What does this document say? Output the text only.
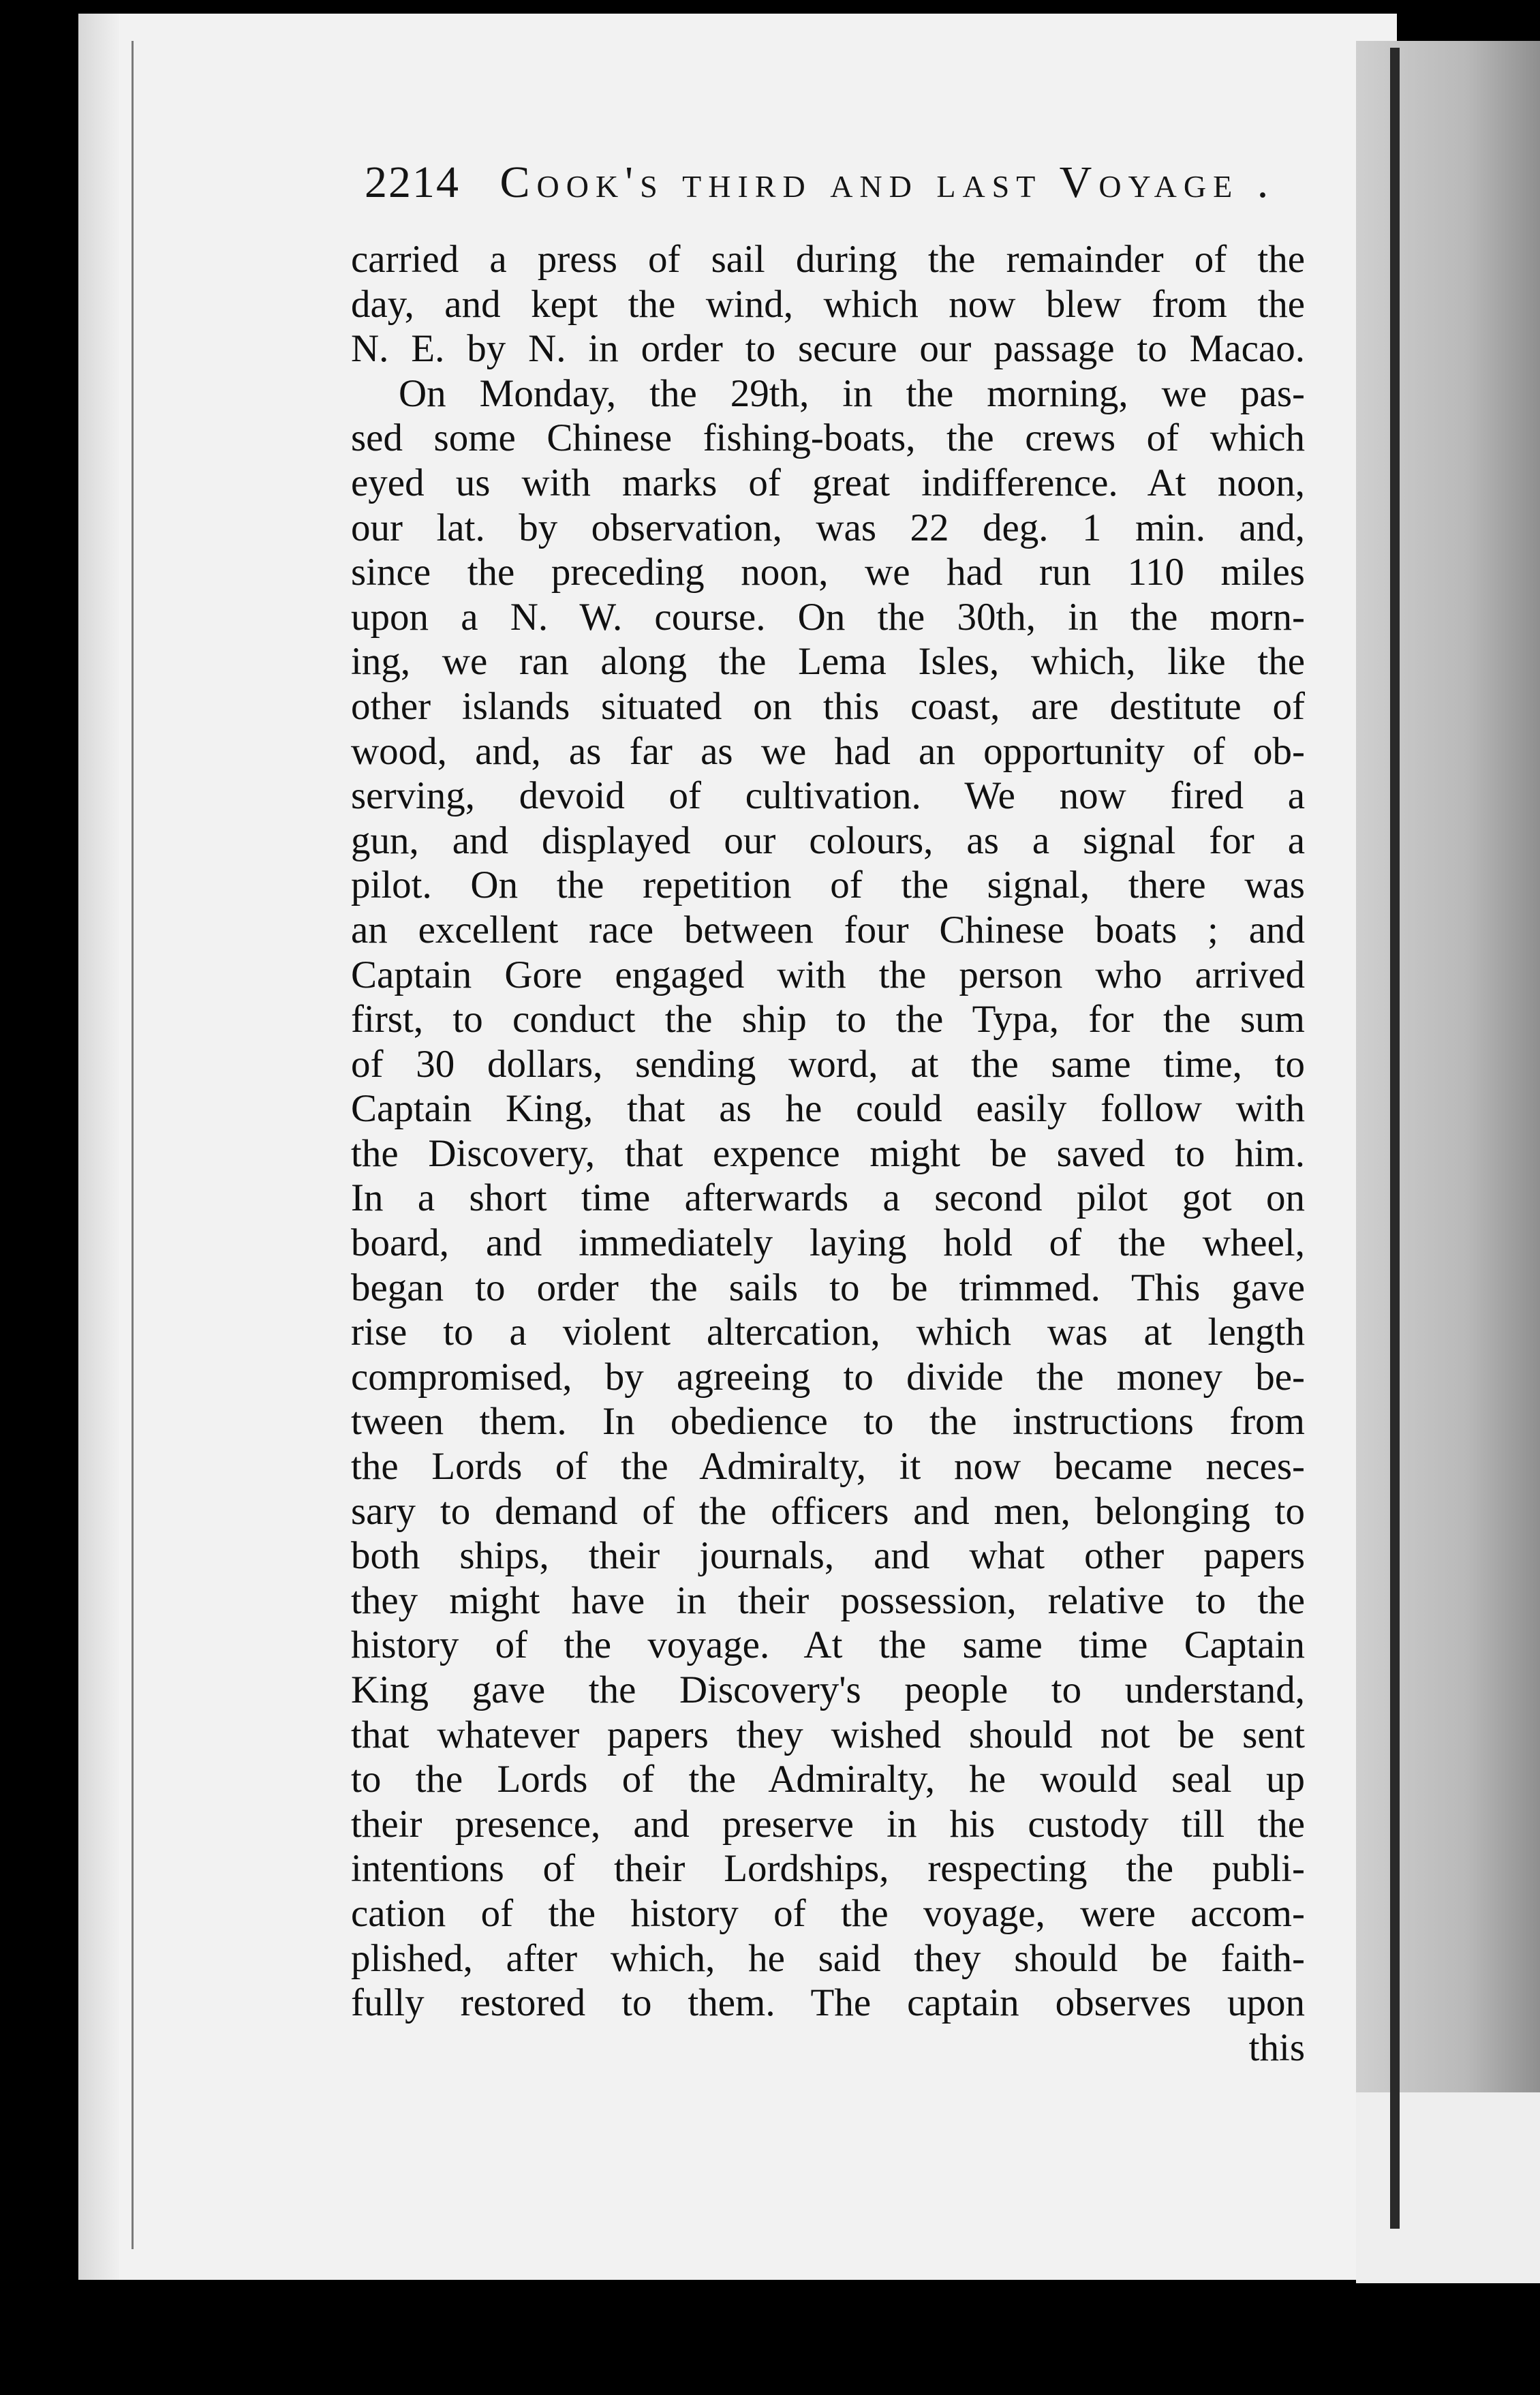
2214 Cook's third and last Voyage .
carried a press of sail during the remainder of the
day, and kept the wind, which now blew from the
N. E. by N. in order to secure our passage to Macao.
On Monday, the 29th, in the morning, we pas-
sed some Chinese fishing-boats, the crews of which
eyed us with marks of great indifference. At noon,
our lat. by observation, was 22 deg. 1 min. and,
since the preceding noon, we had run 110 miles
upon a N. W. course. On the 30th, in the morn-
ing, we ran along the Lema Isles, which, like the
other islands situated on this coast, are destitute of
wood, and, as far as we had an opportunity of ob-
serving, devoid of cultivation. We now fired a
gun, and displayed our colours, as a signal for a
pilot. On the repetition of the signal, there was
an excellent race between four Chinese boats ; and
Captain Gore engaged with the person who arrived
first, to conduct the ship to the Typa, for the sum
of 30 dollars, sending word, at the same time, to
Captain King, that as he could easily follow with
the Discovery, that expence might be saved to him.
In a short time afterwards a second pilot got on
board, and immediately laying hold of the wheel,
began to order the sails to be trimmed. This gave
rise to a violent altercation, which was at length
compromised, by agreeing to divide the money be-
tween them. In obedience to the instructions from
the Lords of the Admiralty, it now became neces-
sary to demand of the officers and men, belonging to
both ships, their journals, and what other papers
they might have in their possession, relative to the
history of the voyage. At the same time Captain
King gave the Discovery's people to understand,
that whatever papers they wished should not be sent
to the Lords of the Admiralty, he would seal up
their presence, and preserve in his custody till the
intentions of their Lordships, respecting the publi-
cation of the history of the voyage, were accom-
plished, after which, he said they should be faith-
fully restored to them. The captain observes upon
this
